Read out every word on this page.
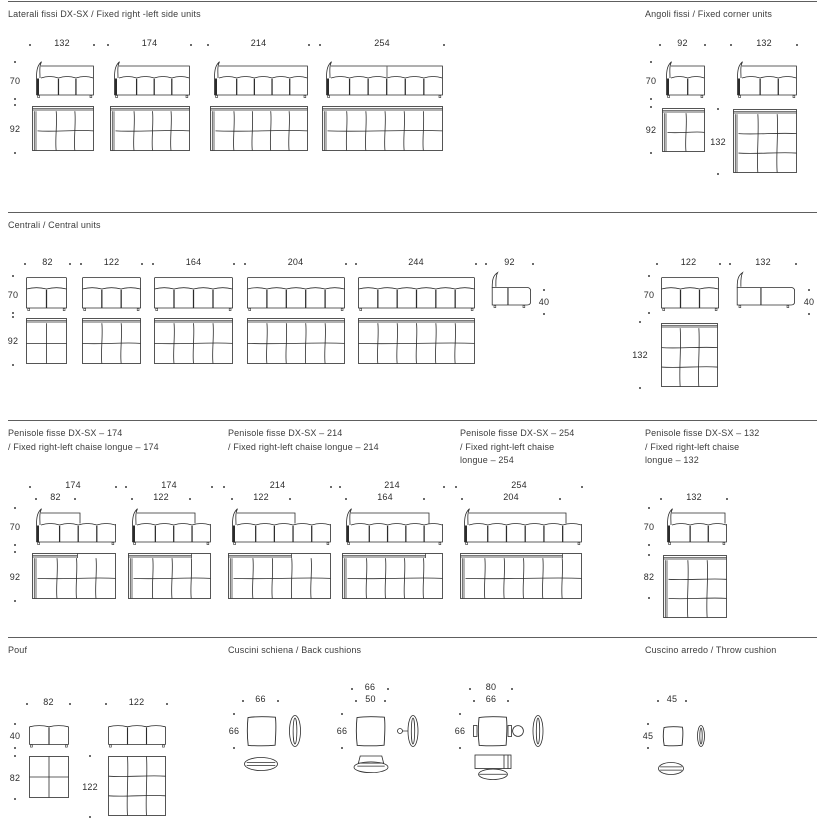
Laterali fissi DX-SX / Fixed right -left side units	Angoli fissi / Fixed corner units
Centrali / Central units
Penisole fisse DX-SX – 174
/ Fixed right-left chaise longue – 174
Penisole fisse DX-SX – 214
/ Fixed right-left chaise longue – 214
Penisole fisse DX-SX – 254
/ Fixed right-left chaise
longue – 254
Penisole fisse DX-SX – 132
/ Fixed right-left chaise
longue – 132
Pouf	Cuscini schiena / Back cushions	Cuscino arredo / Throw cushion
132	174	214	254	92	132
82	122	164	204	244	92	122	132
174	174	214	214	254
82	122	122	164	204	132
82	122	66
66
50
80
66	45
70
92
70
92
132
70
92
40
70
40
132
70
92
70
82
40
82
122
66	66	66	45
